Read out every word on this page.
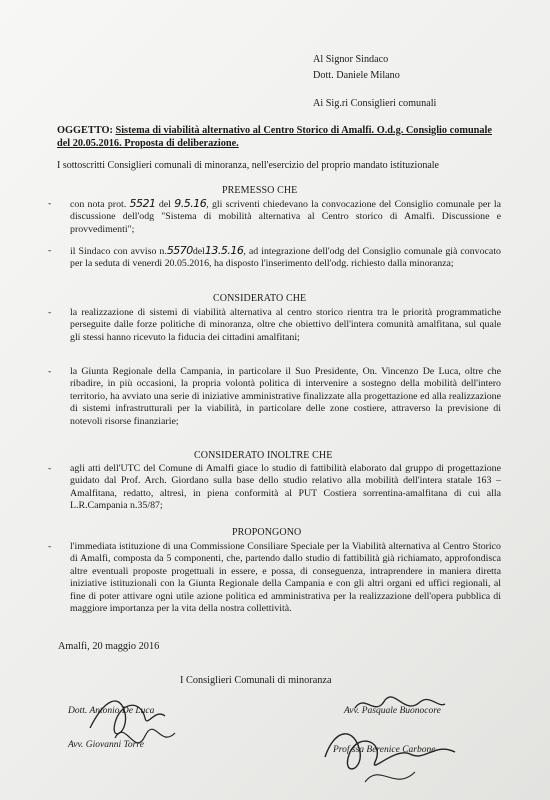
Al Signor Sindaco
Dott. Daniele Milano
Ai Sig.ri Consiglieri comunali
OGGETTO: Sistema di viabilità alternativo al Centro Storico di Amalfi. O.d.g. Consiglio comunale del 20.05.2016. Proposta di deliberazione.
I sottoscritti Consiglieri comunali di minoranza, nell'esercizio del proprio mandato istituzionale
PREMESSO CHE
- con nota prot. 5521 del 9.5.16, gli scriventi chiedevano la convocazione del Consiglio comunale per la discussione dell'odg "Sistema di mobilità alternativa al Centro storico di Amalfi. Discussione e provvedimenti";
- il Sindaco con avviso n.5570del13.5.16, ad integrazione dell'odg del Consiglio comunale già convocato per la seduta di venerdì 20.05.2016, ha disposto l'inserimento dell'odg. richiesto dalla minoranza;
CONSIDERATO CHE
- la realizzazione di sistemi di viabilità alternativa al centro storico rientra tra le priorità programmatiche perseguite dalle forze politiche di minoranza, oltre che obiettivo dell'intera comunità amalfitana, sul quale gli stessi hanno ricevuto la fiducia dei cittadini amalfitani;
- la Giunta Regionale della Campania, in particolare il Suo Presidente, On. Vincenzo De Luca, oltre che ribadire, in più occasioni, la propria volontà politica di intervenire a sostegno della mobilità dell'intero territorio, ha avviato una serie di iniziative amministrative finalizzate alla progettazione ed alla realizzazione di sistemi infrastrutturali per la viabilità, in particolare delle zone costiere, attraverso la previsione di notevoli risorse finanziarie;
CONSIDERATO INOLTRE CHE
- agli atti dell'UTC del Comune di Amalfi giace lo studio di fattibilità elaborato dal gruppo di progettazione guidato dal Prof. Arch. Giordano sulla base dello studio relativo alla mobilità dell'intera statale 163 – Amalfitana, redatto, altresì, in piena conformità al PUT Costiera sorrentina-amalfitana di cui alla L.R.Campania n.35/87;
PROPONGONO
- l'immediata istituzione di una Commissione Consiliare Speciale per la Viabilità alternativa al Centro Storico di Amalfi, composta da 5 componenti, che, partendo dallo studio di fattibilità già richiamato, approfondisca altre eventuali proposte progettuali in essere, e possa, di conseguenza, intraprendere in maniera diretta iniziative istituzionali con la Giunta Regionale della Campania e con gli altri organi ed uffici regionali, al fine di poter attivare ogni utile azione politica ed amministrativa per la realizzazione dell'opera pubblica di maggiore importanza per la vita della nostra collettività.
Amalfi, 20 maggio 2016
I Consiglieri Comunali di minoranza
Dott. Antonio De Luca	Avv. Pasquale Buonocore
Avv. Giovanni Torre	Prof.ssa Berenice Carbone
